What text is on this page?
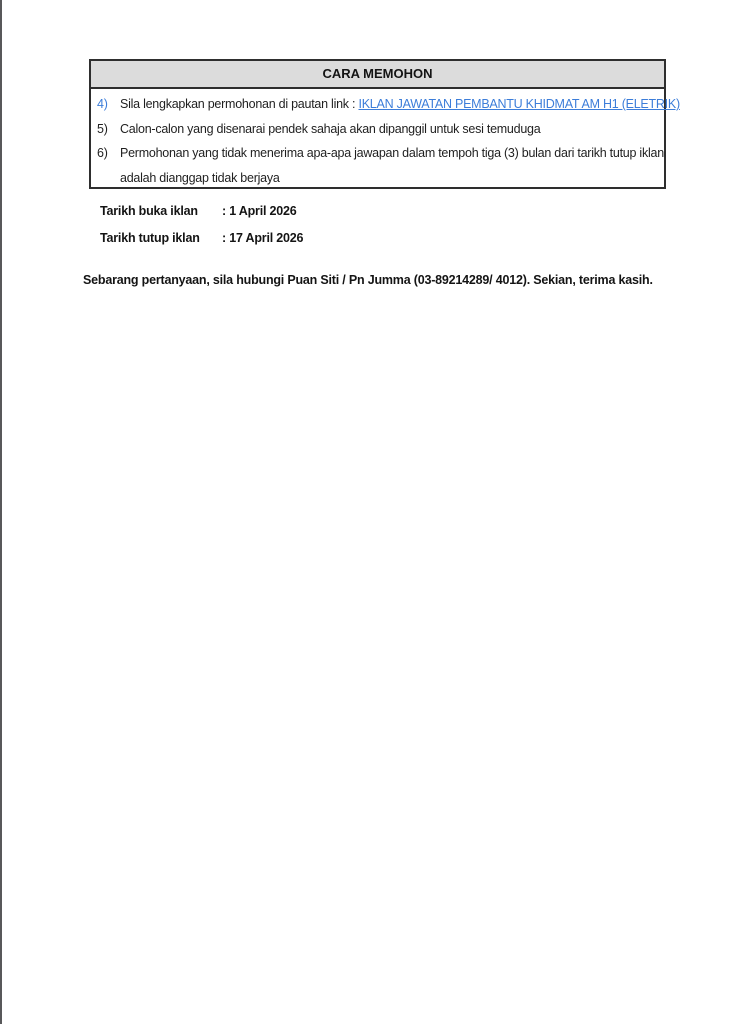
CARA MEMOHON
4) Sila lengkapkan permohonan di pautan link : IKLAN JAWATAN PEMBANTU KHIDMAT AM H1 (ELETRIK)
5) Calon-calon yang disenarai pendek sahaja akan dipanggil untuk sesi temuduga
6) Permohonan yang tidak menerima apa-apa jawapan dalam tempoh tiga (3) bulan dari tarikh tutup iklan
adalah dianggap tidak berjaya
Tarikh buka iklan	: 1 April 2026
Tarikh tutup iklan	: 17 April 2026
Sebarang pertanyaan, sila hubungi Puan Siti / Pn Jumma (03-89214289/ 4012). Sekian, terima kasih.
